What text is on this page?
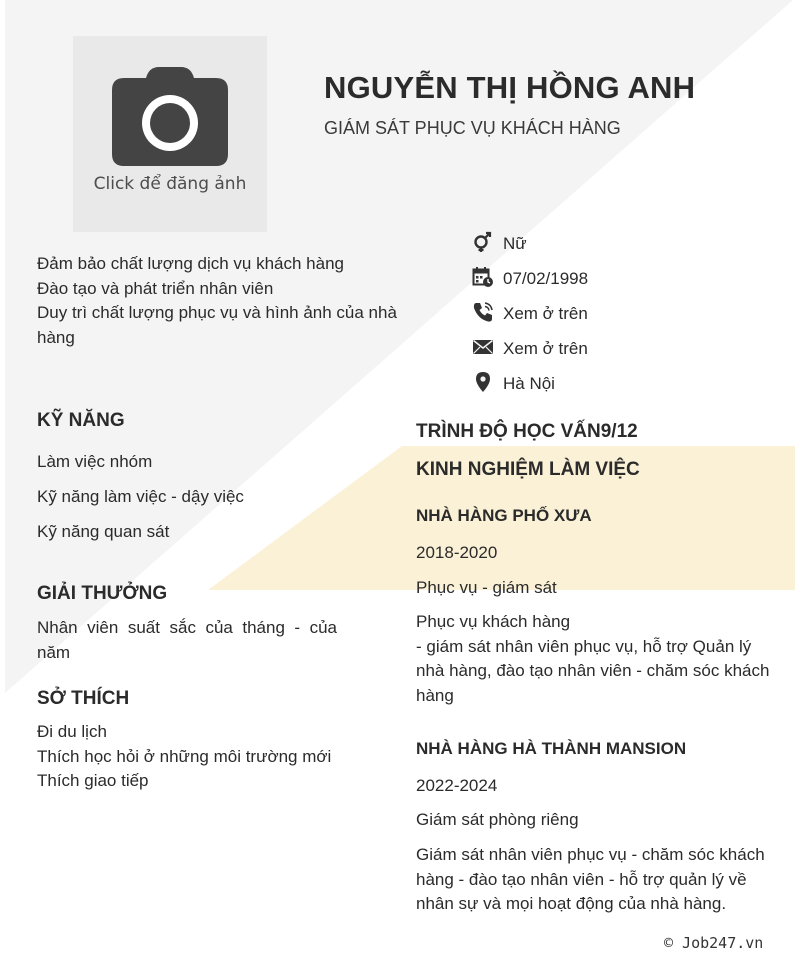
Click để đăng ảnh
NGUYỄN THỊ HỒNG ANH
GIÁM SÁT PHỤC VỤ KHÁCH HÀNG
Đảm bảo chất lượng dịch vụ khách hàng
Đào tạo và phát triển nhân viên
Duy trì chất lượng phục vụ và hình ảnh của nhà hàng
Nữ
07/02/1998
Xem ở trên
Xem ở trên
Hà Nội
KỸ NĂNG
Làm việc nhóm
Kỹ năng làm việc - dậy việc
Kỹ năng quan sát
GIẢI THƯỞNG
Nhân viên suất sắc của tháng - của năm
SỞ THÍCH
Đi du lịch
Thích học hỏi ở những môi trường mới
Thích giao tiếp
TRÌNH ĐỘ HỌC VẤN9/12
KINH NGHIỆM LÀM VIỆC
NHÀ HÀNG PHỐ XƯA
2018-2020
Phục vụ - giám sát
Phục vụ khách hàng
- giám sát nhân viên phục vụ, hỗ trợ Quản lý nhà hàng, đào tạo nhân viên - chăm sóc khách hàng
NHÀ HÀNG HÀ THÀNH MANSION
2022-2024
Giám sát phòng riêng
Giám sát nhân viên phục vụ - chăm sóc khách hàng - đào tạo nhân viên - hỗ trợ quản lý về nhân sự và mọi hoạt động của nhà hàng.
© Job247.vn
